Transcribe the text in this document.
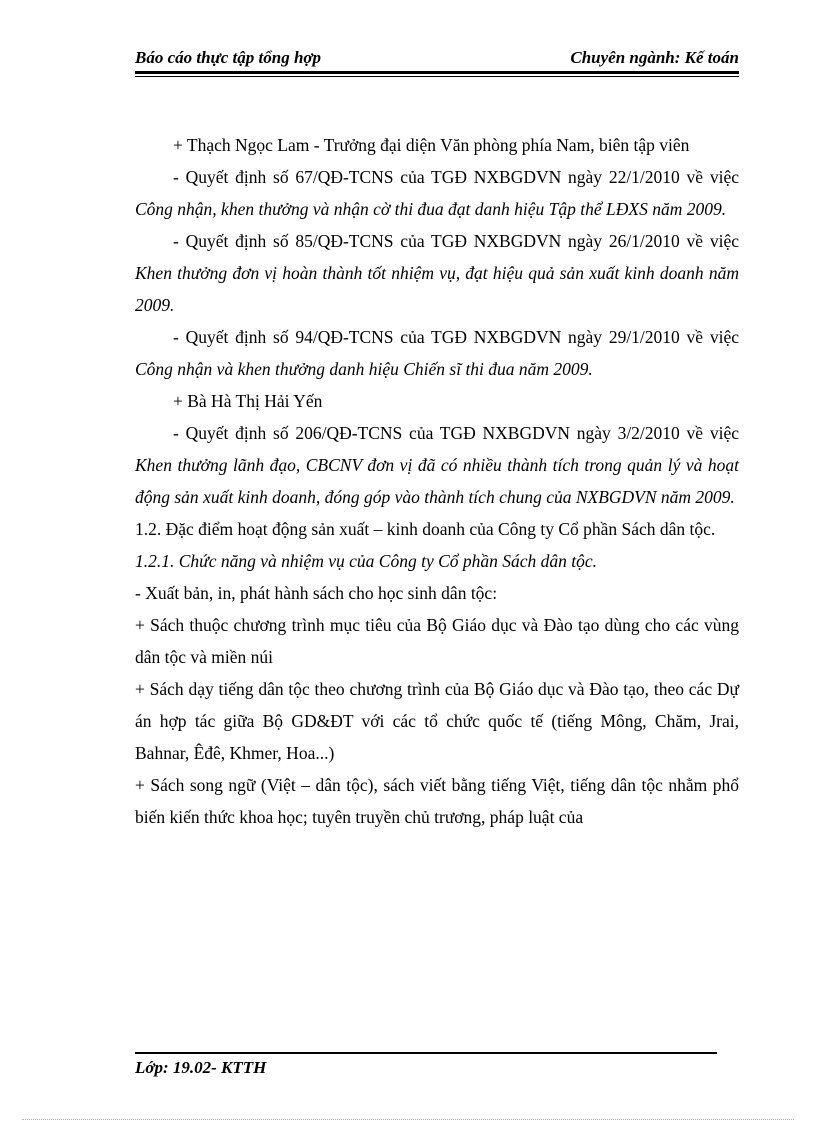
Báo cáo thực tập tổng hợp	Chuyên ngành: Kế toán

+ Thạch Ngọc Lam - Trưởng đại diện Văn phòng phía Nam, biên tập viên

- Quyết định số 67/QĐ-TCNS của TGĐ NXBGDVN ngày 22/1/2010 về việc Công nhận, khen thưởng và nhận cờ thi đua đạt danh hiệu Tập thể LĐXS năm 2009.

- Quyết định số 85/QĐ-TCNS của TGĐ NXBGDVN ngày 26/1/2010 về việc Khen thưởng đơn vị hoàn thành tốt nhiệm vụ, đạt hiệu quả sản xuất kinh doanh năm 2009.

- Quyết định số 94/QĐ-TCNS của TGĐ NXBGDVN ngày 29/1/2010 về việc Công nhận và khen thưởng danh hiệu Chiến sĩ thi đua năm 2009.

+ Bà Hà Thị Hải Yến

- Quyết định số 206/QĐ-TCNS của TGĐ NXBGDVN ngày 3/2/2010 về việc Khen thưởng lãnh đạo, CBCNV đơn vị đã có nhiều thành tích trong quản lý và hoạt động sản xuất kinh doanh, đóng góp vào thành tích chung của NXBGDVN năm 2009.

1.2. Đặc điểm hoạt động sản xuất – kinh doanh của Công ty Cổ phần Sách dân tộc.

1.2.1. Chức năng và nhiệm vụ của Công ty Cổ phần Sách dân tộc.

- Xuất bản, in, phát hành sách cho học sinh dân tộc:

+ Sách thuộc chương trình mục tiêu của Bộ Giáo dục và Đào tạo dùng cho các vùng dân tộc và miền núi

+ Sách dạy tiếng dân tộc theo chương trình của Bộ Giáo dục và Đào tạo, theo các Dự án hợp tác giữa Bộ GD&ĐT với các tổ chức quốc tế (tiếng Mông, Chăm, Jrai, Bahnar, Êđê, Khmer, Hoa...)

+ Sách song ngữ (Việt – dân tộc), sách viết bằng tiếng Việt, tiếng dân tộc nhằm phổ biến kiến thức khoa học; tuyên truyền chủ trương, pháp luật của

Lớp: 19.02- KTTH
